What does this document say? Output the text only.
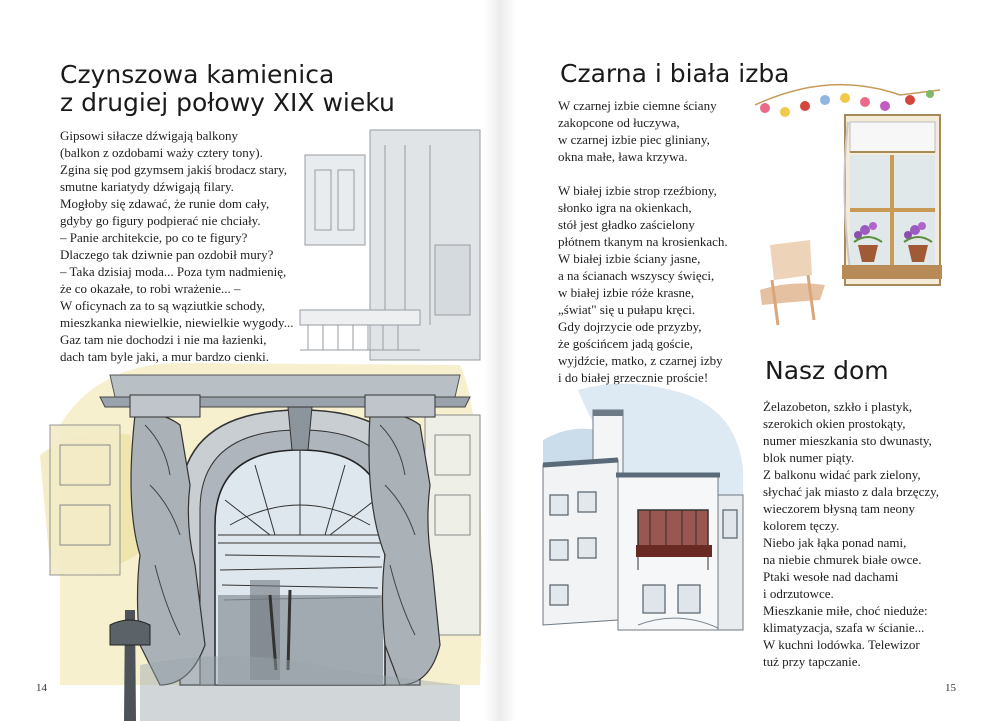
Czynszowa kamienica
z drugiej połowy XIX wieku
Gipsowi siłacze dźwigają balkony
(balkon z ozdobami waży cztery tony).
Zgina się pod gzymsem jakiś brodacz stary,
smutne kariatydy dźwigają filary.
Mogłoby się zdawać, że runie dom cały,
gdyby go figury podpierać nie chciały.
– Panie architekcie, po co te figury?
Dlaczego tak dziwnie pan ozdobił mury?
– Taka dzisiaj moda... Poza tym nadmienię,
że co okazałe, to robi wrażenie... –
W oficynach za to są wąziutkie schody,
mieszkanka niewielkie, niewielkie wygody...
Gaz tam nie dochodzi i nie ma łazienki,
dach tam byle jaki, a mur bardzo cienki.
14
Czarna i biała izba
W czarnej izbie ciemne ściany
zakopcone od łuczywa,
w czarnej izbie piec gliniany,
okna małe, ława krzywa.
W białej izbie strop rzeźbiony,
słonko igra na okienkach,
stół jest gładko zaścielony
płótnem tkanym na krosienkach.
W białej izbie ściany jasne,
a na ścianach wszyscy święci,
w białej izbie róże krasne,
„świat" się u pułapu kręci.
Gdy dojrzycie ode przyzby,
że gościńcem jadą goście,
wyjdźcie, matko, z czarnej izby
i do białej grzecznie proście!	Nasz dom
Żelazobeton, szkło i plastyk,
szerokich okien prostokąty,
numer mieszkania sto dwunasty,
blok numer piąty.
Z balkonu widać park zielony,
słychać jak miasto z dala brzęczy,
wieczorem błysną tam neony
kolorem tęczy.
Niebo jak łąka ponad nami,
na niebie chmurek białe owce.
Ptaki wesołe nad dachami
i odrzutowce.
Mieszkanie miłe, choć nieduże:
klimatyzacja, szafa w ścianie...
W kuchni lodówka. Telewizor
tuż przy tapczanie.
15
